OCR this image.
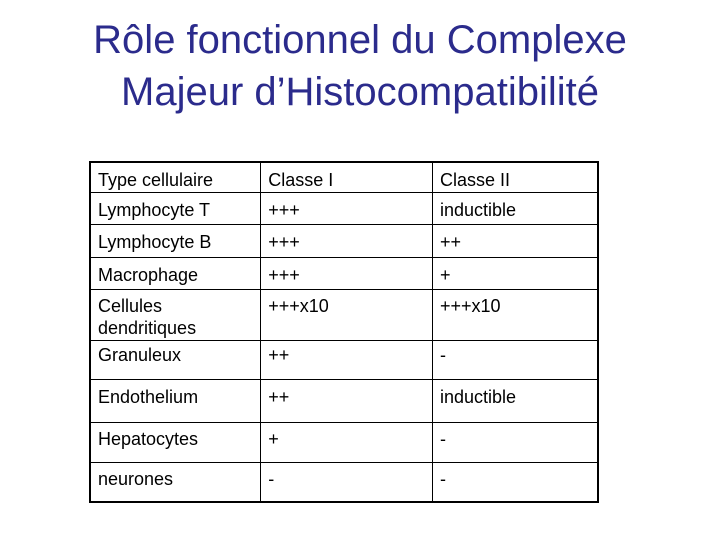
Rôle fonctionnel du Complexe
Majeur d’Histocompatibilité
Type cellulaire	Classe I	Classe II
Lymphocyte T	+++	inductible
Lymphocyte B	+++	++
Macrophage	+++	+
Cellules dendritiques	+++x10	+++x10
Granuleux	++	-
Endothelium	++	inductible
Hepatocytes	+	-
neurones	-	-
